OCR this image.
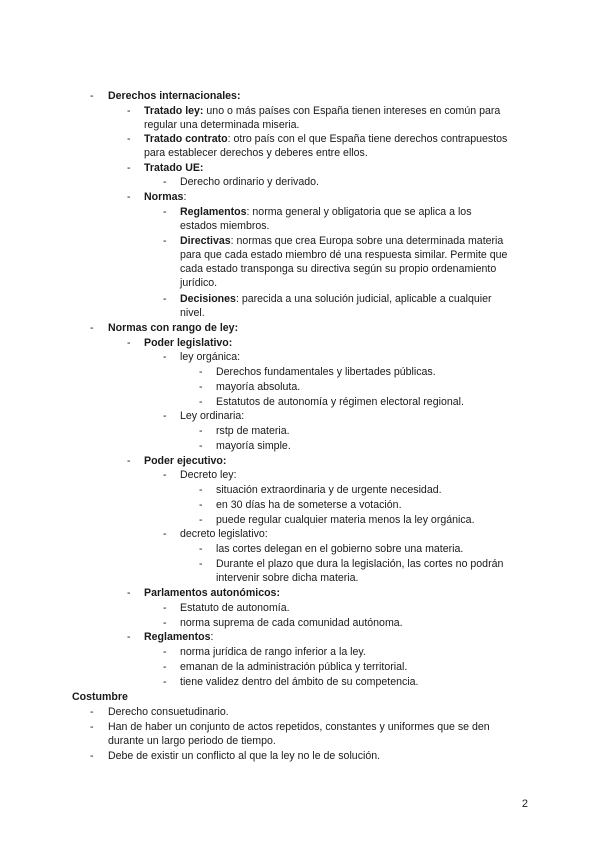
- Derechos internacionales:
- Tratado ley: uno o más países con España tienen intereses en común para
regular una determinada miseria.
- Tratado contrato: otro país con el que España tiene derechos contrapuestos
para establecer derechos y deberes entre ellos.
- Tratado UE:
- Derecho ordinario y derivado.
- Normas:
- Reglamentos: norma general y obligatoria que se aplica a los
estados miembros.
- Directivas: normas que crea Europa sobre una determinada materia
para que cada estado miembro dé una respuesta similar. Permite que
cada estado transponga su directiva según su propio ordenamiento
jurídico.
- Decisiones: parecida a una solución judicial, aplicable a cualquier
nivel.
- Normas con rango de ley:
- Poder legislativo:
- ley orgánica:
- Derechos fundamentales y libertades públicas.
- mayoría absoluta.
- Estatutos de autonomía y régimen electoral regional.
- Ley ordinaria:
- rstp de materia.
- mayoría simple.
- Poder ejecutivo:
- Decreto ley:
- situación extraordinaria y de urgente necesidad.
- en 30 días ha de someterse a votación.
- puede regular cualquier materia menos la ley orgánica.
- decreto legislativo:
- las cortes delegan en el gobierno sobre una materia.
- Durante el plazo que dura la legislación, las cortes no podrán
intervenir sobre dicha materia.
- Parlamentos autonómicos:
- Estatuto de autonomía.
- norma suprema de cada comunidad autónoma.
- Reglamentos:
- norma jurídica de rango inferior a la ley.
- emanan de la administración pública y territorial.
- tiene validez dentro del ámbito de su competencia.
Costumbre
- Derecho consuetudinario.
- Han de haber un conjunto de actos repetidos, constantes y uniformes que se den
durante un largo periodo de tiempo.
- Debe de existir un conflicto al que la ley no le de solución.
2
